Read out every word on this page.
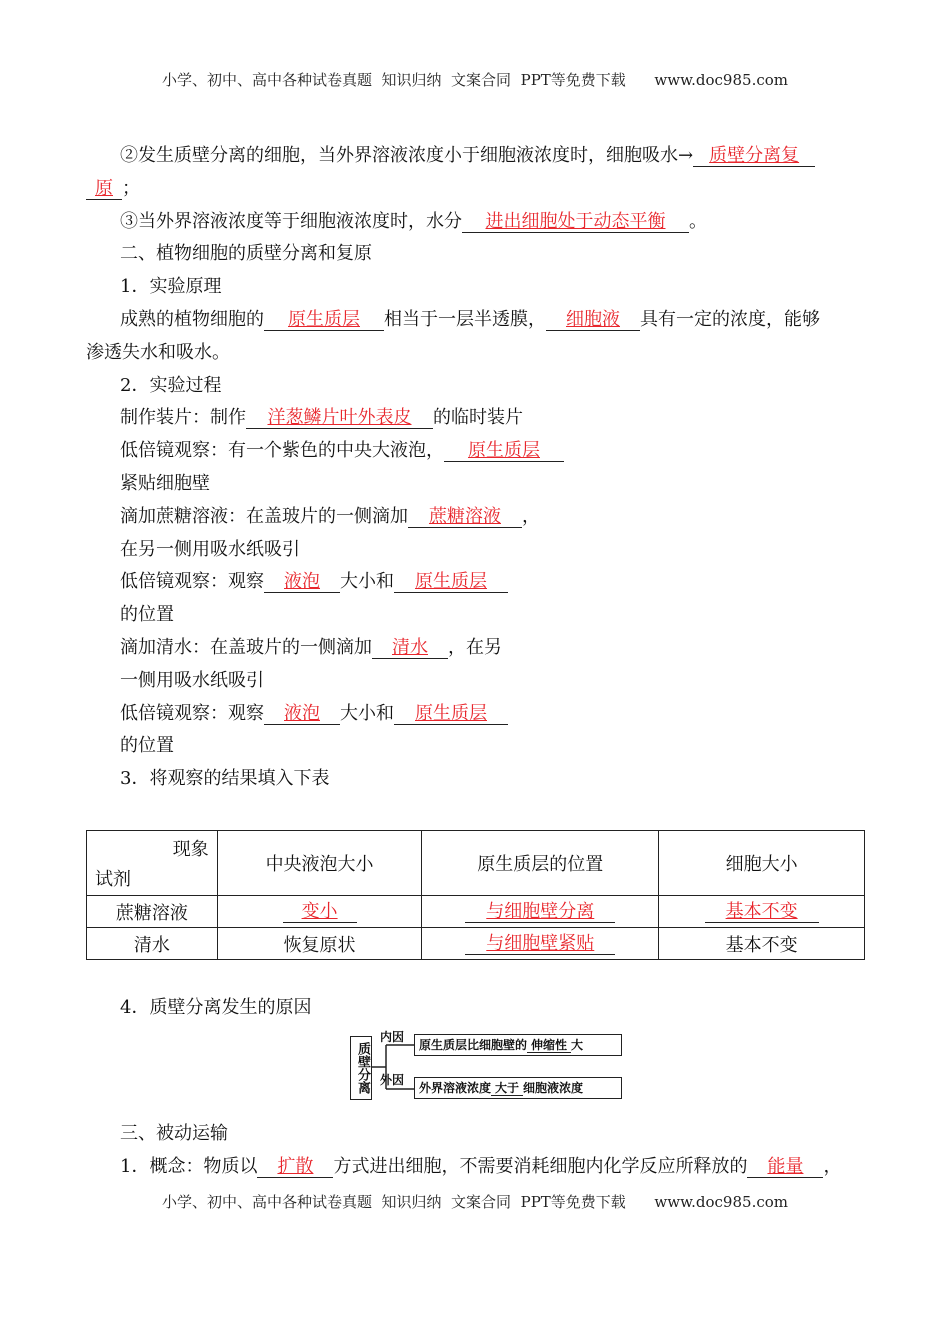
小学、初中、高中各种试卷真题  知识归纳  文案合同  PPT等免费下载      www.doc985.com
②发生质壁分离的细胞，当外界溶液浓度小于细胞液浓度时，细胞吸水→ 质壁分离复
原 ；
③当外界溶液浓度等于细胞液浓度时，水分 进出细胞处于动态平衡 。
二、植物细胞的质壁分离和复原
1．实验原理
成熟的植物细胞的 原生质层 相当于一层半透膜， 细胞液 具有一定的浓度，能够
渗透失水和吸水。
2．实验过程
制作装片：制作 洋葱鳞片叶外表皮 的临时装片
低倍镜观察：有一个紫色的中央大液泡， 原生质层
紧贴细胞壁
滴加蔗糖溶液：在盖玻片的一侧滴加 蔗糖溶液 ，
在另一侧用吸水纸吸引
低倍镜观察：观察 液泡 大小和 原生质层
的位置
滴加清水：在盖玻片的一侧滴加 清水 ，在另
一侧用吸水纸吸引
低倍镜观察：观察 液泡 大小和 原生质层
的位置
3．将观察的结果填入下表
现象
试剂	中央液泡大小	原生质层的位置	细胞大小
蔗糖溶液	变小	与细胞壁分离	基本不变
清水	恢复原状	与细胞壁紧贴	基本不变
4．质壁分离发生的原因
质壁分离
内因
外因
原生质层比细胞壁的 伸缩性 大
外界溶液浓度 大于 细胞液浓度
三、被动运输
1．概念：物质以 扩散 方式进出细胞，不需要消耗细胞内化学反应所释放的 能量 ，
小学、初中、高中各种试卷真题  知识归纳  文案合同  PPT等免费下载      www.doc985.com
